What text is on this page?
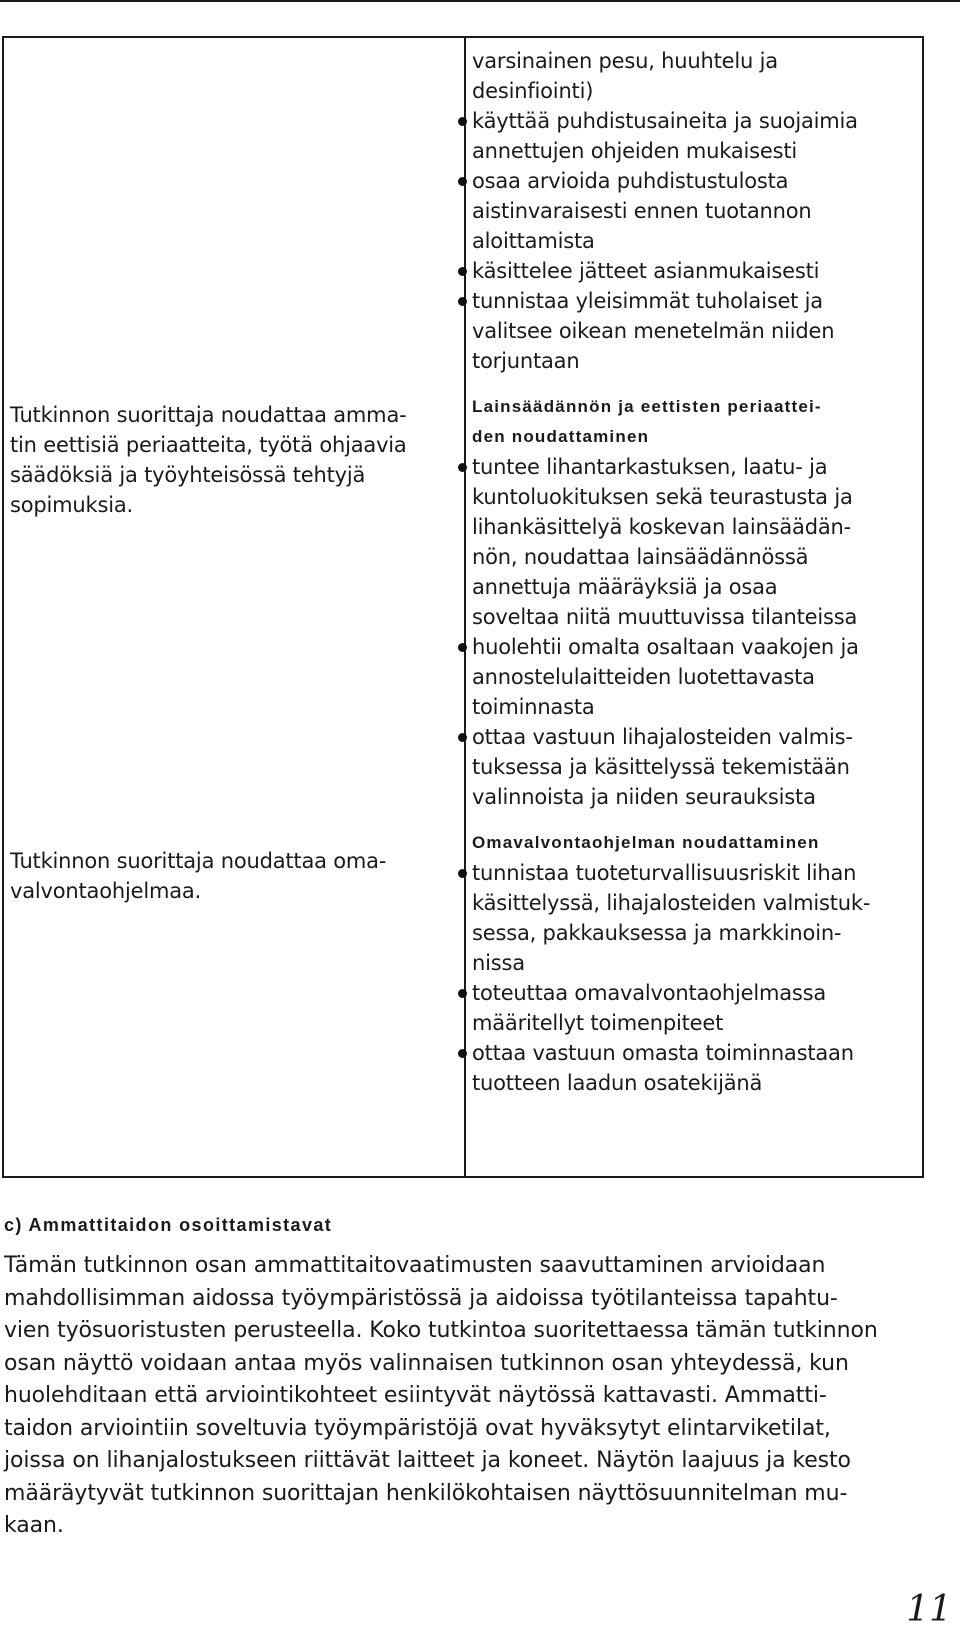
Tutkinnon suorittaja noudattaa amma-
tin eettisiä periaatteita, työtä ohjaavia
säädöksiä ja työyhteisössä tehtyjä
sopimuksia.
Tutkinnon suorittaja noudattaa oma-
valvontaohjelmaa.
varsinainen pesu, huuhtelu ja
desinfiointi)
käyttää puhdistusaineita ja suojaimia
annettujen ohjeiden mukaisesti
osaa arvioida puhdistustulosta
aistinvaraisesti ennen tuotannon
aloittamista
käsittelee jätteet asianmukaisesti
tunnistaa yleisimmät tuholaiset ja
valitsee oikean menetelmän niiden
torjuntaan
Lainsäädännön ja eettisten periaattei-
den noudattaminen
tuntee lihantarkastuksen, laatu- ja
kuntoluokituksen sekä teurastusta ja
lihankäsittelyä koskevan lainsäädän-
nön, noudattaa lainsäädännössä
annettuja määräyksiä ja osaa
soveltaa niitä muuttuvissa tilanteissa
huolehtii omalta osaltaan vaakojen ja
annostelulaitteiden luotettavasta
toiminnasta
ottaa vastuun lihajalosteiden valmis-
tuksessa ja käsittelyssä tekemistään
valinnoista ja niiden seurauksista
Omavalvontaohjelman noudattaminen
tunnistaa tuoteturvallisuusriskit lihan
käsittelyssä, lihajalosteiden valmistuk-
sessa, pakkauksessa ja markkinoin-
nissa
toteuttaa omavalvontaohjelmassa
määritellyt toimenpiteet
ottaa vastuun omasta toiminnastaan
tuotteen laadun osatekijänä
c) Ammattitaidon osoittamistavat
Tämän tutkinnon osan ammattitaitovaatimusten saavuttaminen arvioidaan
mahdollisimman aidossa työympäristössä ja aidoissa työtilanteissa tapahtu-
vien työsuoristusten perusteella. Koko tutkintoa suoritettaessa tämän tutkinnon
osan näyttö voidaan antaa myös valinnaisen tutkinnon osan yhteydessä, kun
huolehditaan että arviointikohteet esiintyvät näytössä kattavasti. Ammatti-
taidon arviointiin soveltuvia työympäristöjä ovat hyväksytyt elintarviketilat,
joissa on lihanjalostukseen riittävät laitteet ja koneet. Näytön laajuus ja kesto
määräytyvät tutkinnon suorittajan henkilökohtaisen näyttösuunnitelman mu-
kaan.
11
